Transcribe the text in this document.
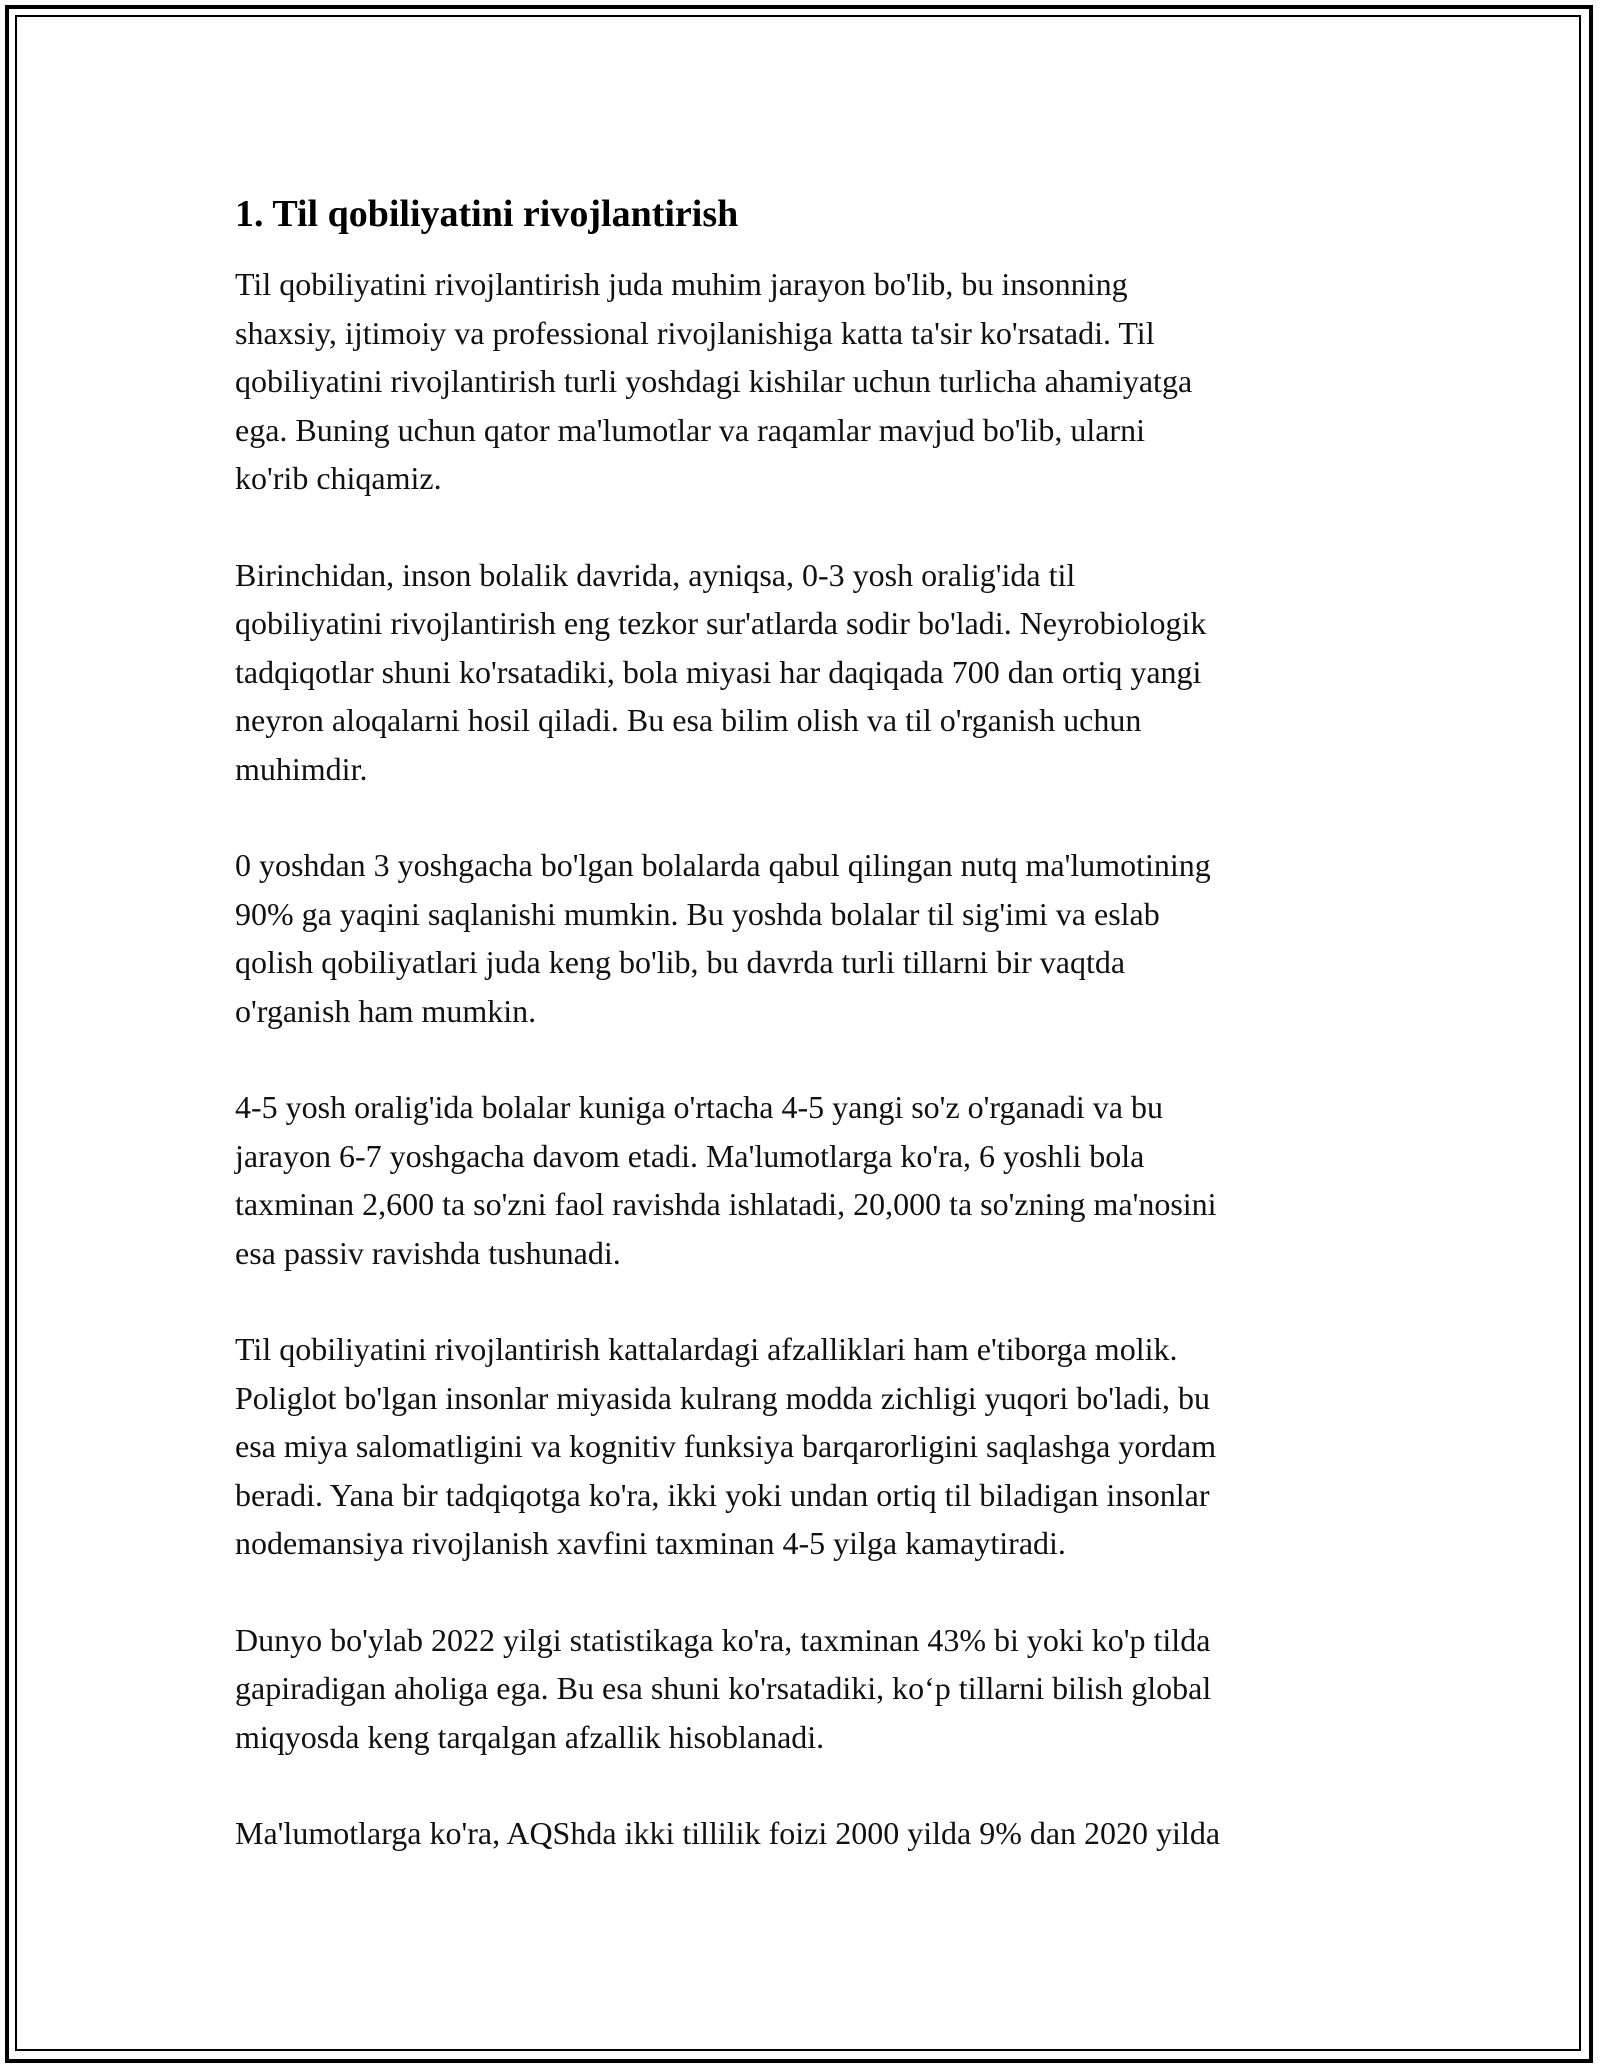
1. Til qobiliyatini rivojlantirish

Til qobiliyatini rivojlantirish juda muhim jarayon bo'lib, bu insonning
shaxsiy, ijtimoiy va professional rivojlanishiga katta ta'sir ko'rsatadi. Til
qobiliyatini rivojlantirish turli yoshdagi kishilar uchun turlicha ahamiyatga
ega. Buning uchun qator ma'lumotlar va raqamlar mavjud bo'lib, ularni
ko'rib chiqamiz.

Birinchidan, inson bolalik davrida, ayniqsa, 0-3 yosh oralig'ida til
qobiliyatini rivojlantirish eng tezkor sur'atlarda sodir bo'ladi. Neyrobiologik
tadqiqotlar shuni ko'rsatadiki, bola miyasi har daqiqada 700 dan ortiq yangi
neyron aloqalarni hosil qiladi. Bu esa bilim olish va til o'rganish uchun
muhimdir.

0 yoshdan 3 yoshgacha bo'lgan bolalarda qabul qilingan nutq ma'lumotining
90% ga yaqini saqlanishi mumkin. Bu yoshda bolalar til sig'imi va eslab
qolish qobiliyatlari juda keng bo'lib, bu davrda turli tillarni bir vaqtda
o'rganish ham mumkin.

4-5 yosh oralig'ida bolalar kuniga o'rtacha 4-5 yangi so'z o'rganadi va bu
jarayon 6-7 yoshgacha davom etadi. Ma'lumotlarga ko'ra, 6 yoshli bola
taxminan 2,600 ta so'zni faol ravishda ishlatadi, 20,000 ta so'zning ma'nosini
esa passiv ravishda tushunadi.

Til qobiliyatini rivojlantirish kattalardagi afzalliklari ham e'tiborga molik.
Poliglot bo'lgan insonlar miyasida kulrang modda zichligi yuqori bo'ladi, bu
esa miya salomatligini va kognitiv funksiya barqarorligini saqlashga yordam
beradi. Yana bir tadqiqotga ko'ra, ikki yoki undan ortiq til biladigan insonlar
nodemansiya rivojlanish xavfini taxminan 4-5 yilga kamaytiradi.

Dunyo bo'ylab 2022 yilgi statistikaga ko'ra, taxminan 43% bi yoki ko'p tilda
gapiradigan aholiga ega. Bu esa shuni ko'rsatadiki, ko‘p tillarni bilish global
miqyosda keng tarqalgan afzallik hisoblanadi.

Ma'lumotlarga ko'ra, AQShda ikki tillilik foizi 2000 yilda 9% dan 2020 yilda
